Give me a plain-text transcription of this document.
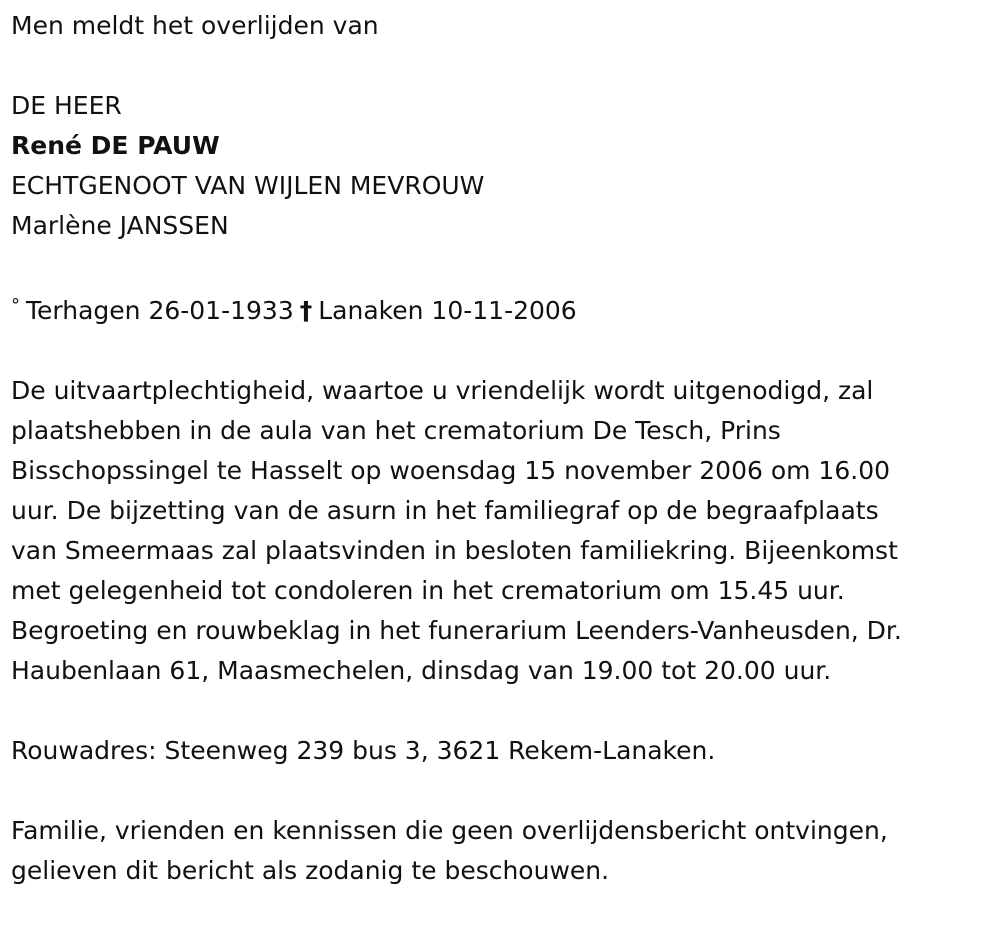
Men meldt het overlijden van

DE HEER

René DE PAUW

ECHTGENOOT VAN WIJLEN MEVROUW

Marlène JANSSEN

° Terhagen 26-01-1933 † Lanaken 10-11-2006

De uitvaartplechtigheid, waartoe u vriendelijk wordt uitgenodigd, zal

plaatshebben in de aula van het crematorium De Tesch, Prins

Bisschopssingel te Hasselt op woensdag 15 november 2006 om 16.00

uur. De bijzetting van de asurn in het familiegraf op de begraafplaats

van Smeermaas zal plaatsvinden in besloten familiekring. Bijeenkomst

met gelegenheid tot condoleren in het crematorium om 15.45 uur.

Begroeting en rouwbeklag in het funerarium Leenders-Vanheusden, Dr.

Haubenlaan 61, Maasmechelen, dinsdag van 19.00 tot 20.00 uur.

Rouwadres: Steenweg 239 bus 3, 3621 Rekem-Lanaken.

Familie, vrienden en kennissen die geen overlijdensbericht ontvingen,

gelieven dit bericht als zodanig te beschouwen.
